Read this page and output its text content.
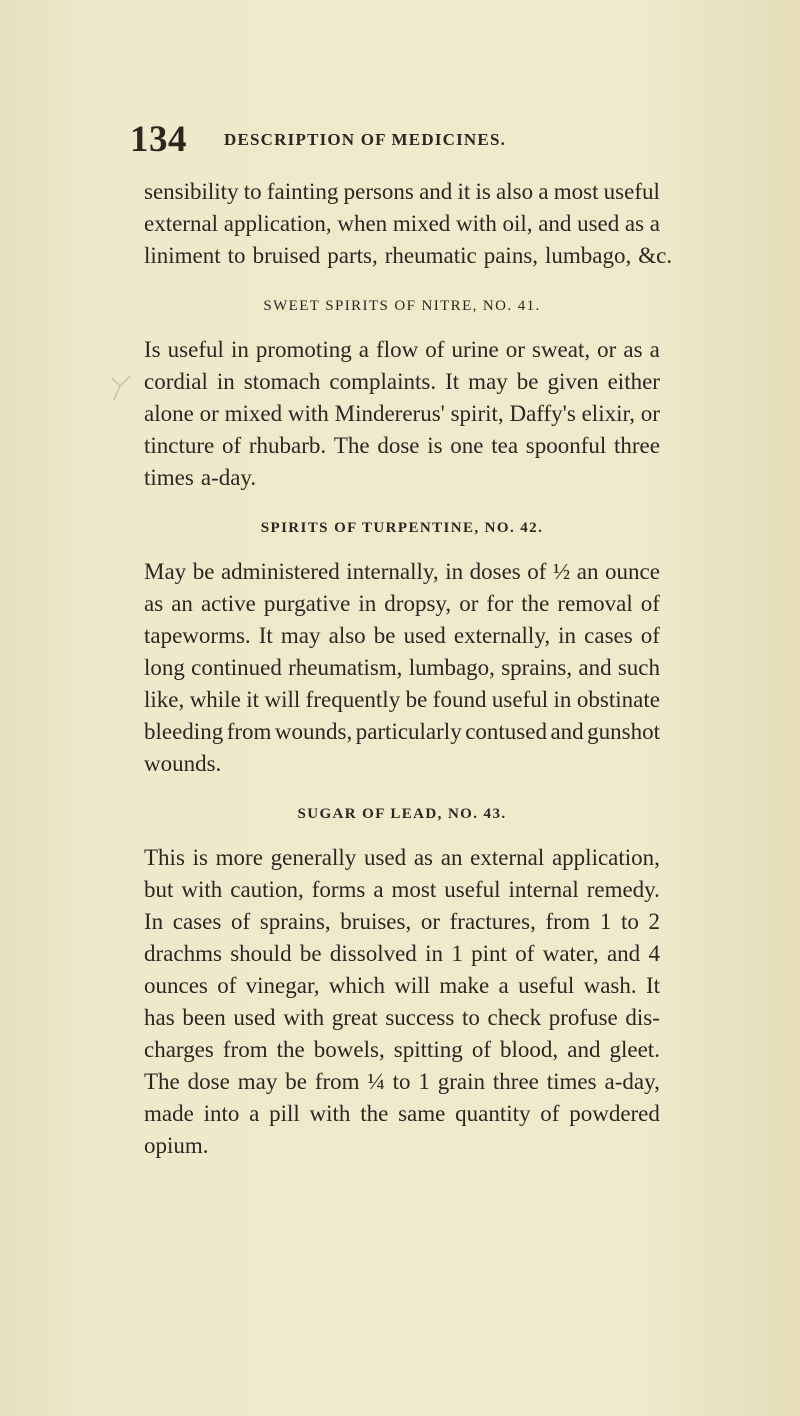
134 DESCRIPTION OF MEDICINES.
sensibility to fainting persons and it is also a most useful
external application, when mixed with oil, and used as a
liniment to bruised parts, rheumatic pains, lumbago, &c.
SWEET SPIRITS OF NITRE, NO. 41.
Is useful in promoting a flow of urine or sweat, or as a
cordial in stomach complaints. It may be given either
alone or mixed with Mindererus' spirit, Daffy's elixir, or
tincture of rhubarb. The dose is one tea spoonful three
times a-day.
SPIRITS OF TURPENTINE, NO. 42.
May be administered internally, in doses of ½ an ounce
as an active purgative in dropsy, or for the removal of
tapeworms. It may also be used externally, in cases of
long continued rheumatism, lumbago, sprains, and such
like, while it will frequently be found useful in obstinate
bleeding from wounds, particularly contused and gunshot
wounds.
SUGAR OF LEAD, NO. 43.
This is more generally used as an external application,
but with caution, forms a most useful internal remedy.
In cases of sprains, bruises, or fractures, from 1 to 2
drachms should be dissolved in 1 pint of water, and 4
ounces of vinegar, which will make a useful wash. It
has been used with great success to check profuse dis-
charges from the bowels, spitting of blood, and gleet.
The dose may be from ¼ to 1 grain three times a-day,
made into a pill with the same quantity of powdered
opium.
